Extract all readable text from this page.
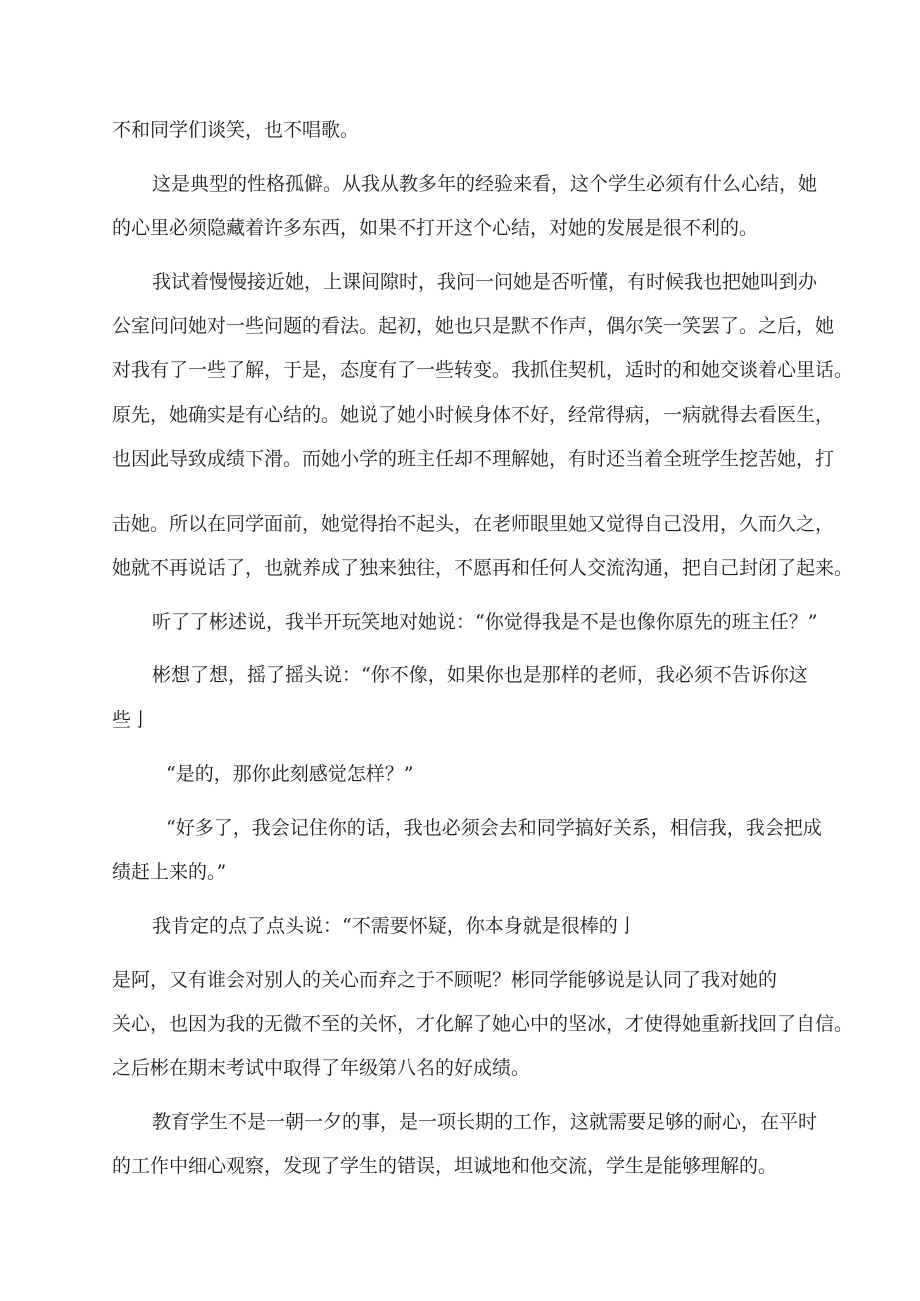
不和同学们谈笑，也不唱歌。

这是典型的性格孤僻。从我从教多年的经验来看，这个学生必须有什么心结，她

的心里必须隐藏着许多东西，如果不打开这个心结，对她的发展是很不利的。

我试着慢慢接近她，上课间隙时，我问一问她是否听懂，有时候我也把她叫到办

公室问问她对一些问题的看法。起初，她也只是默不作声，偶尔笑一笑罢了。之后，她

对我有了一些了解，于是，态度有了一些转变。我抓住契机，适时的和她交谈着心里话。

原先，她确实是有心结的。她说了她小时候身体不好，经常得病，一病就得去看医生，

也因此导致成绩下滑。而她小学的班主任却不理解她，有时还当着全班学生挖苦她，打

击她。所以在同学面前，她觉得抬不起头，在老师眼里她又觉得自己没用，久而久之，

她就不再说话了，也就养成了独来独往，不愿再和任何人交流沟通，把自己封闭了起来。

听了了彬述说，我半开玩笑地对她说：“你觉得我是不是也像你原先的班主任？”

彬想了想，摇了摇头说：“你不像，如果你也是那样的老师，我必须不告诉你这

些亅

“是的，那你此刻感觉怎样？”

“好多了，我会记住你的话，我也必须会去和同学搞好关系，相信我，我会把成

绩赶上来的。”

我肯定的点了点头说：“不需要怀疑，你本身就是很棒的亅

是阿，又有谁会对别人的关心而弃之于不顾呢？彬同学能够说是认同了我对她的

关心，也因为我的无微不至的关怀，才化解了她心中的坚冰，才使得她重新找回了自信。

之后彬在期末考试中取得了年级第八名的好成绩。

教育学生不是一朝一夕的事，是一项长期的工作，这就需要足够的耐心，在平时

的工作中细心观察，发现了学生的错误，坦诚地和他交流，学生是能够理解的。
